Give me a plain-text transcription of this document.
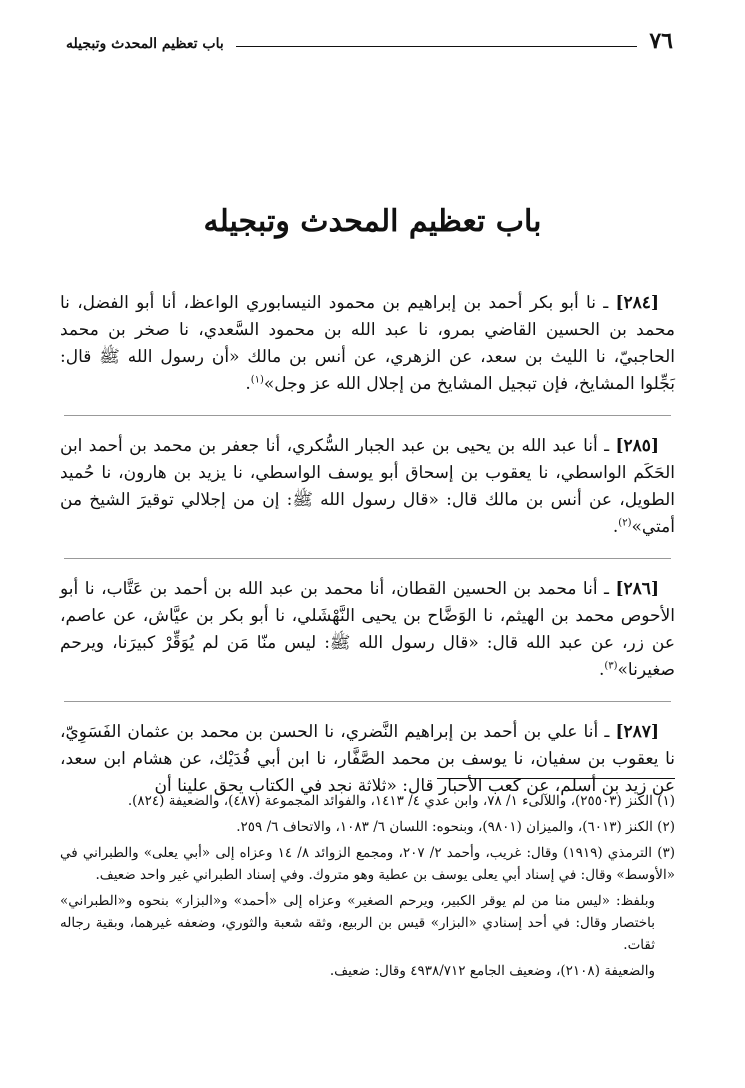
٧٦
باب تعظيم المحدث وتبجيله
باب تعظيم المحدث وتبجيله

[٢٨٤] ـ نا أبو بكر أحمد بن إبراهيم بن محمود النيسابوري الواعظ، أنا أبو الفضل، نا محمد بن الحسين القاضي بمرو، نا عبد الله بن محمود السَّعدي، نا صخر بن محمد الحاجبيّ، نا الليث بن سعد، عن الزهري، عن أنس بن مالك «أن رسول الله ﷺ قال: بَجِّلوا المشايخ، فإن تبجيل المشايخ من إجلال الله عز وجل»$^{(١)}$.

[٢٨٥] ـ أنا عبد الله بن يحيى بن عبد الجبار السُّكري، أنا جعفر بن محمد بن أحمد ابن الحَكَم الواسطي، نا يعقوب بن إسحاق أبو يوسف الواسطي، نا يزيد بن هارون، نا حُميد الطويل، عن أنس بن مالك قال: «قال رسول الله ﷺ: إن من إجلالي توقيرَ الشيخ من أمتي»$^{(٢)}$.

[٢٨٦] ـ أنا محمد بن الحسين القطان، أنا محمد بن عبد الله بن أحمد بن عَتَّاب، نا أبو الأحوص محمد بن الهيثم، نا الوَضَّاح بن يحيى النَّهْشَلي، نا أبو بكر بن عيَّاش، عن عاصم، عن زر، عن عبد الله قال: «قال رسول الله ﷺ: ليس منّا مَن لم يُوَقِّرْ كبيرَنا، ويرحم صغيرنا»$^{(٣)}$.

[٢٨٧] ـ أنا علي بن أحمد بن إبراهيم النَّضري، نا الحسن بن محمد بن عثمان الفَسَوِيّ، نا يعقوب بن سفيان، نا يوسف بن محمد الصَّفَّار، نا ابن أبي فُدَيْك، عن هشام ابن سعد، عن زيد بن أسلم، عن كعب الأحبار قال: «ثلاثة نجد في الكتاب يحق علينا أن

(١) الكنز (٢٥٥٠٣)، واللآلىء ١/ ٧٨، وابن عدي ٤/ ١٤١٣، والفوائد المجموعة (٤٨٧)، والضعيفة (٨٢٤).

(٢) الكنز (٦٠١٣)، والميزان (٩٨٠١)، وبنحوه: اللسان ٦/ ١٠٨٣، والاتحاف ٦/ ٢٥٩.

(٣) الترمذي (١٩١٩) وقال: غريب، وأحمد ٢/ ٢٠٧، ومجمع الزوائد ٨/ ١٤ وعزاه إلى «أبي يعلى» والطبراني في «الأوسط» وقال: في إسناد أبي يعلى يوسف بن عطية وهو متروك. وفي إسناد الطبراني غير واحد ضعيف.

وبلفظ: «ليس منا من لم يوقر الكبير، ويرحم الصغير» وعزاه إلى «أحمد» و«البزار» بنحوه و«الطبراني» باختصار وقال: في أحد إسنادي «البزار» قيس بن الربيع، وثقه شعبة والثوري، وضعفه غيرهما، وبقية رجاله ثقات.

والضعيفة (٢١٠٨)، وضعيف الجامع ٤٩٣٨/٧١٢ وقال: ضعيف.
